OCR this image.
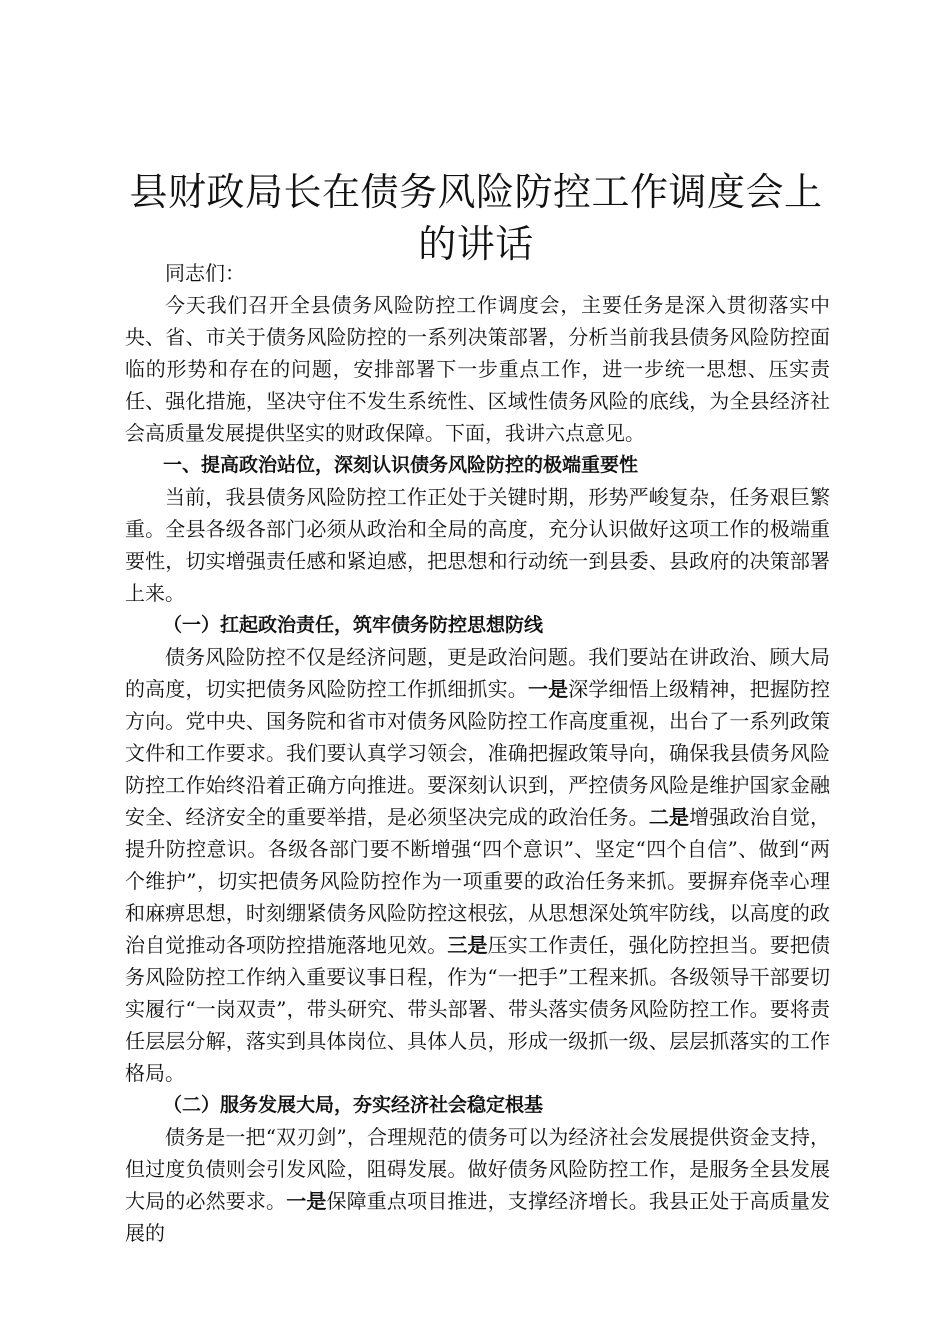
县财政局长在债务风险防控工作调度会上的讲话

同志们：

今天我们召开全县债务风险防控工作调度会，主要任务是深入贯彻落实中央、省、市关于债务风险防控的一系列决策部署，分析当前我县债务风险防控面临的形势和存在的问题，安排部署下一步重点工作，进一步统一思想、压实责任、强化措施，坚决守住不发生系统性、区域性债务风险的底线，为全县经济社会高质量发展提供坚实的财政保障。下面，我讲六点意见。

一、提高政治站位，深刻认识债务风险防控的极端重要性

当前，我县债务风险防控工作正处于关键时期，形势严峻复杂，任务艰巨繁重。全县各级各部门必须从政治和全局的高度，充分认识做好这项工作的极端重要性，切实增强责任感和紧迫感，把思想和行动统一到县委、县政府的决策部署上来。

（一）扛起政治责任，筑牢债务防控思想防线

债务风险防控不仅是经济问题，更是政治问题。我们要站在讲政治、顾大局的高度，切实把债务风险防控工作抓细抓实。一是深学细悟上级精神，把握防控方向。党中央、国务院和省市对债务风险防控工作高度重视，出台了一系列政策文件和工作要求。我们要认真学习领会，准确把握政策导向，确保我县债务风险防控工作始终沿着正确方向推进。要深刻认识到，严控债务风险是维护国家金融安全、经济安全的重要举措，是必须坚决完成的政治任务。二是增强政治自觉，提升防控意识。各级各部门要不断增强“四个意识”、坚定“四个自信”、做到“两个维护”，切实把债务风险防控作为一项重要的政治任务来抓。要摒弃侥幸心理和麻痹思想，时刻绷紧债务风险防控这根弦，从思想深处筑牢防线，以高度的政治自觉推动各项防控措施落地见效。三是压实工作责任，强化防控担当。要把债务风险防控工作纳入重要议事日程，作为“一把手”工程来抓。各级领导干部要切实履行“一岗双责”，带头研究、带头部署、带头落实债务风险防控工作。要将责任层层分解，落实到具体岗位、具体人员，形成一级抓一级、层层抓落实的工作格局。

（二）服务发展大局，夯实经济社会稳定根基

债务是一把“双刃剑”，合理规范的债务可以为经济社会发展提供资金支持，但过度负债则会引发风险，阻碍发展。做好债务风险防控工作，是服务全县发展大局的必然要求。一是保障重点项目推进，支撑经济增长。我县正处于高质量发展的
